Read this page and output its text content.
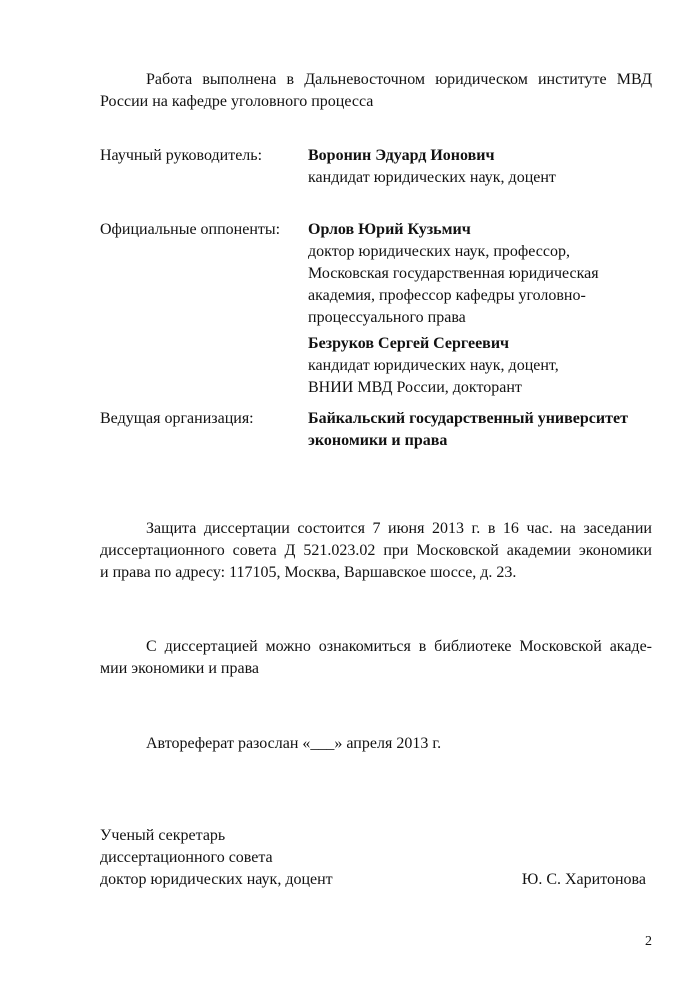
Работа выполнена в Дальневосточном юридическом институте МВД
России на кафедре уголовного процесса
Научный руководитель:	Воронин Эдуард Ионович
кандидат юридических наук, доцент
Официальные оппоненты: Орлов Юрий Кузьмич
доктор юридических наук, профессор,
Московская государственная юридическая
академия, профессор кафедры уголовно-
процессуального права
Безруков Сергей Сергеевич
кандидат юридических наук, доцент,
ВНИИ МВД России, докторант
Ведущая организация:	Байкальский государственный университет
экономики и права
Защита диссертации состоится 7 июня 2013 г. в 16 час. на заседании
диссертационного совета Д 521.023.02 при Московской академии экономики
и права по адресу: 117105, Москва, Варшавское шоссе, д. 23.
С диссертацией можно ознакомиться в библиотеке Московской акаде-
мии экономики и права
Автореферат разослан «___» апреля 2013 г.
Ученый секретарь
диссертационного совета
доктор юридических наук, доцент	Ю. С. Харитонова
2
